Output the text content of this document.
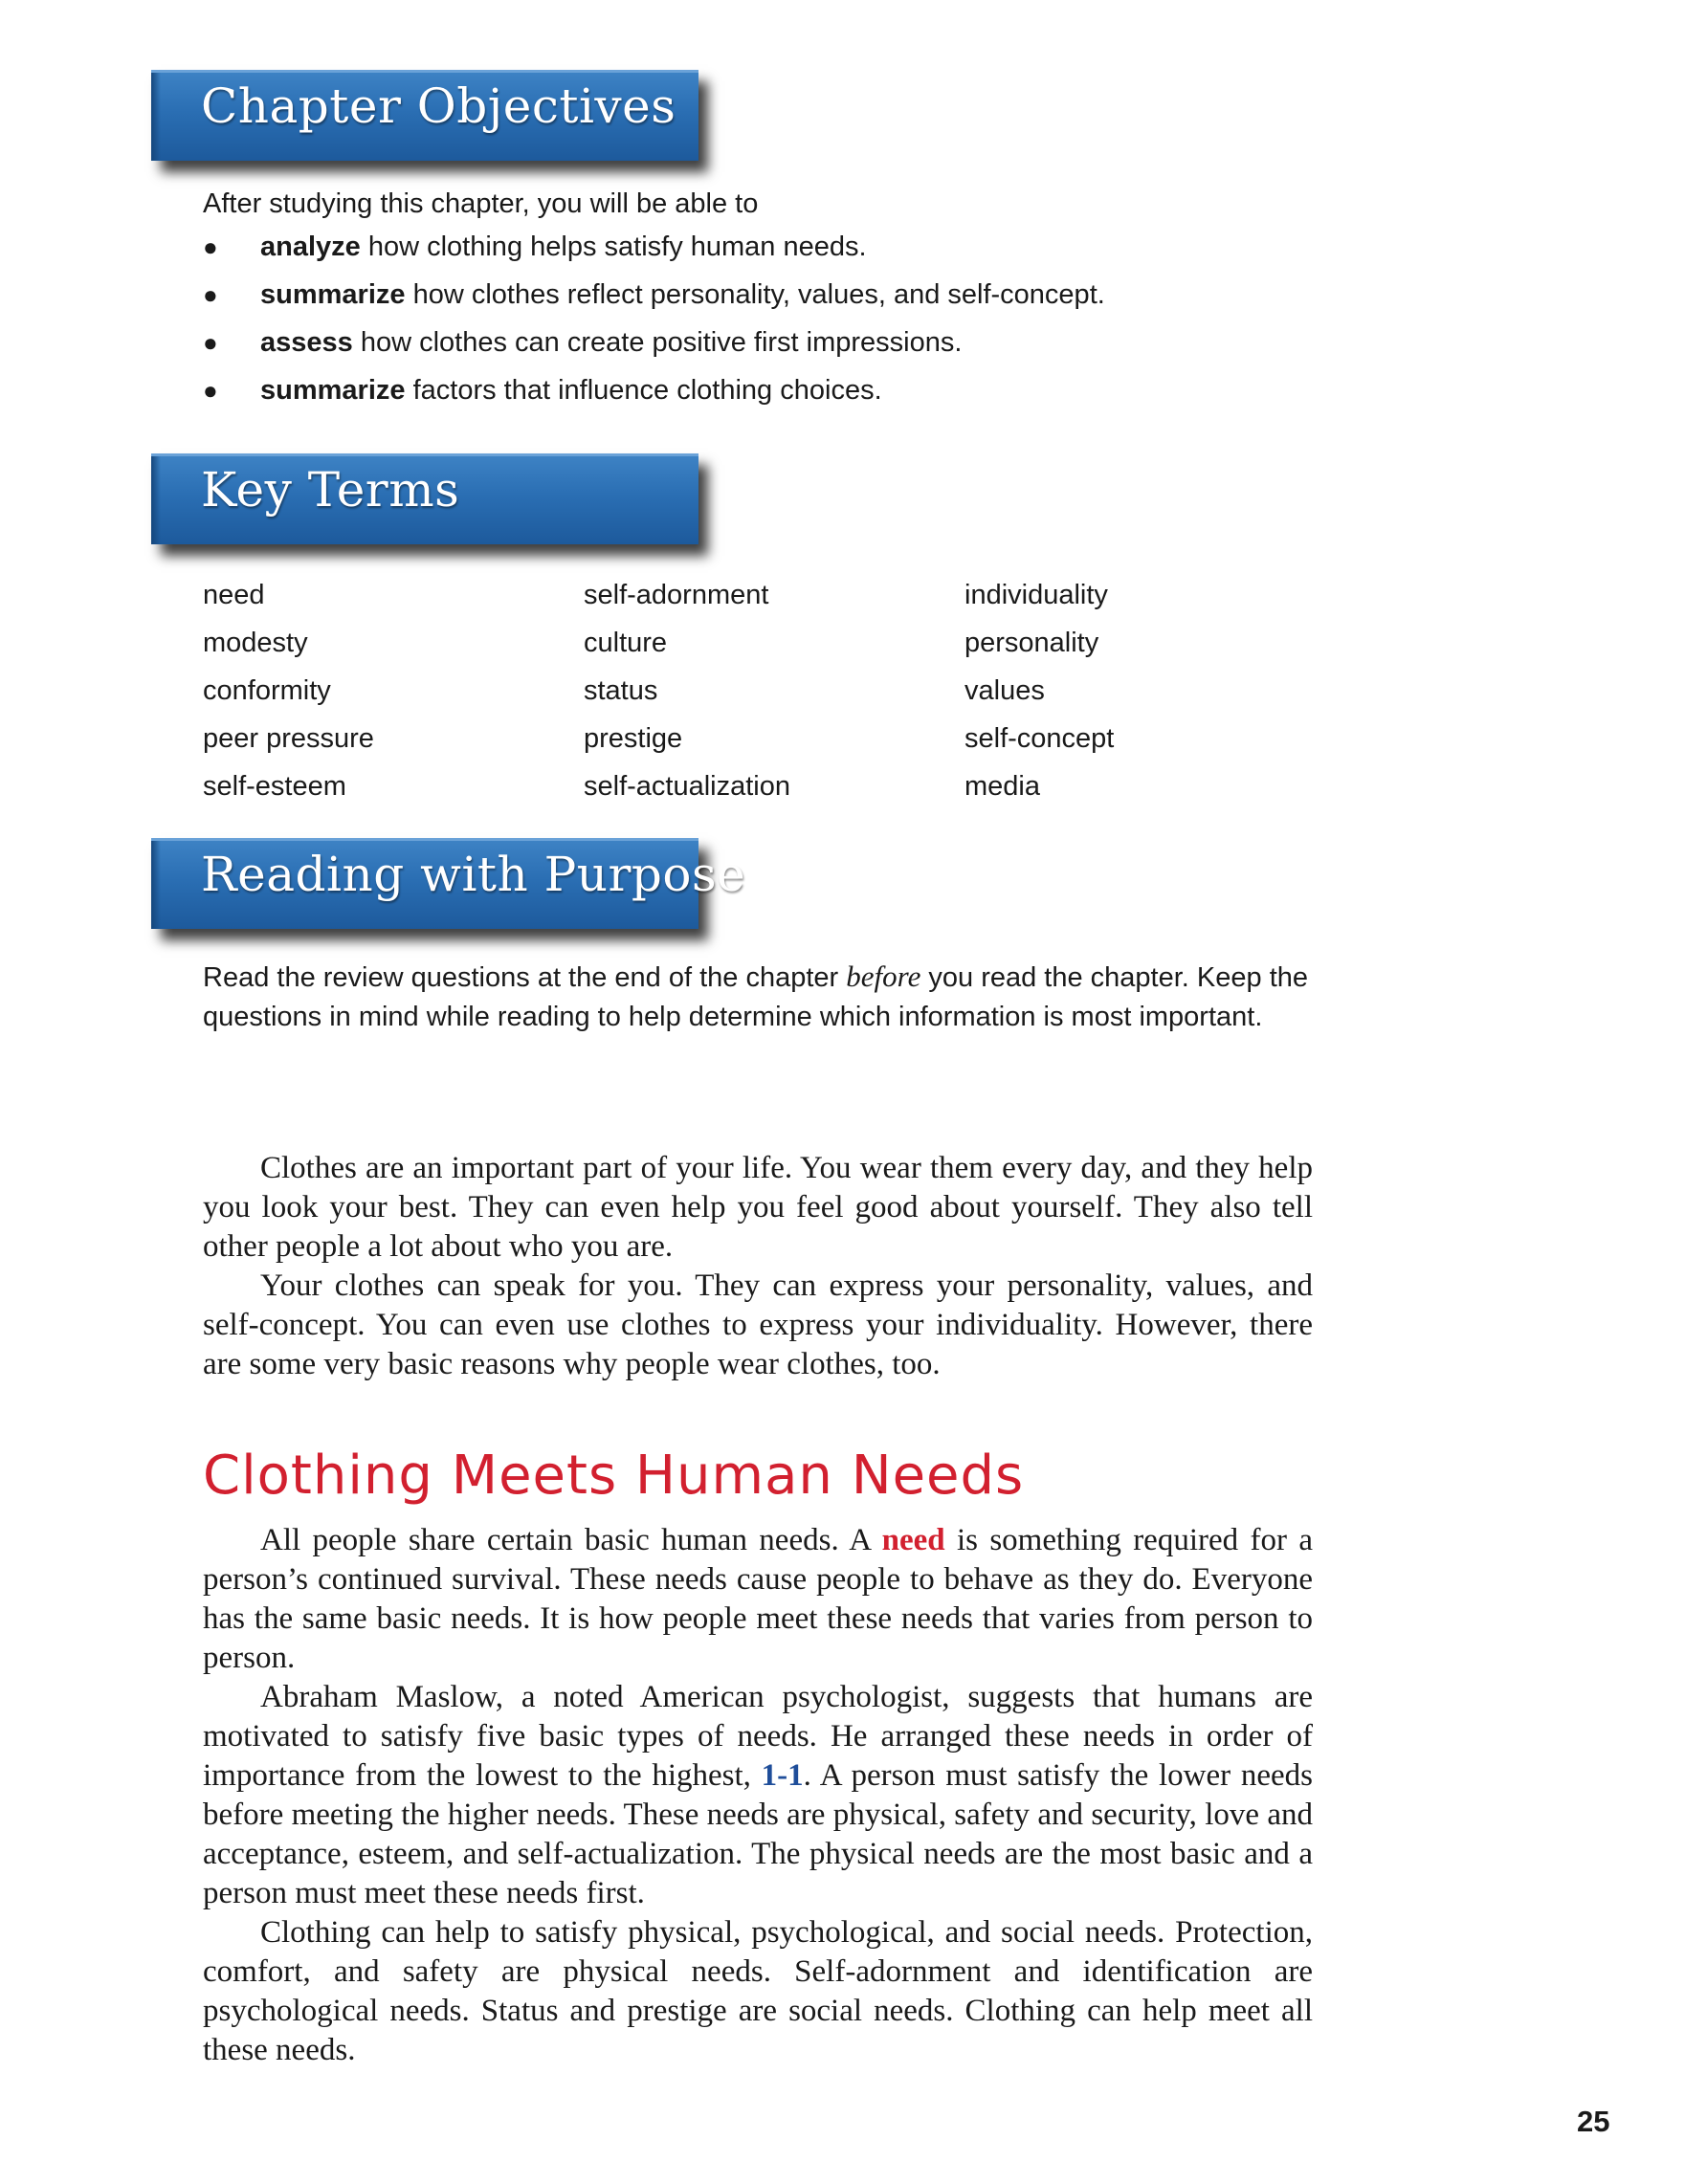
Chapter Objectives
After studying this chapter, you will be able to
● analyze how clothing helps satisfy human needs.
● summarize how clothes reflect personality, values, and self-concept.
● assess how clothes can create positive first impressions.
● summarize factors that influence clothing choices.
Key Terms
need
modesty
conformity
peer pressure
self-esteem
self-adornment
culture
status
prestige
self-actualization
individuality
personality
values
self-concept
media
Reading with Purpose
Read the review questions at the end of the chapter before you read the chapter. Keep the questions in mind while reading to help determine which information is most important.

Clothes are an important part of your life. You wear them every day, and they help you look your best. They can even help you feel good about yourself. They also tell other people a lot about who you are.

Your clothes can speak for you. They can express your personality, values, and self-concept. You can even use clothes to express your individuality. However, there are some very basic reasons why people wear clothes, too.

Clothing Meets Human Needs

All people share certain basic human needs. A need is something required for a person’s continued survival. These needs cause people to behave as they do. Everyone has the same basic needs. It is how people meet these needs that varies from person to person.

Abraham Maslow, a noted American psychologist, suggests that humans are motivated to satisfy five basic types of needs. He arranged these needs in order of importance from the lowest to the highest, 1-1. A person must satisfy the lower needs before meeting the higher needs. These needs are physical, safety and security, love and acceptance, esteem, and self-actualization. The physical needs are the most basic and a person must meet these needs first.

Clothing can help to satisfy physical, psychological, and social needs. Protection, comfort, and safety are physical needs. Self-adornment and identification are psychological needs. Status and prestige are social needs. Clothing can help meet all these needs.

25
